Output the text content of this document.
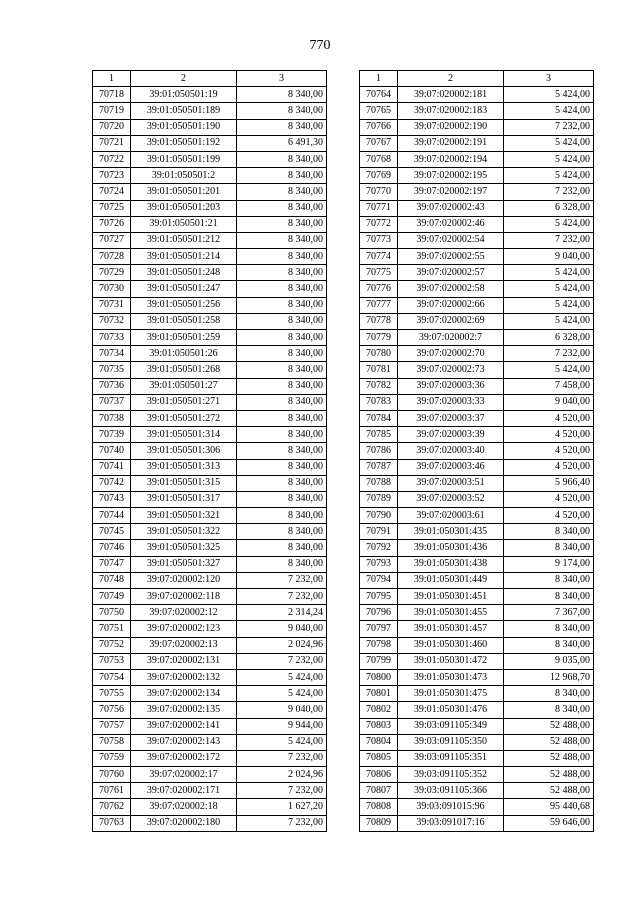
770
1	2	3
70718	39:01:050501:19	8 340,00
70719	39:01:050501:189	8 340,00
70720	39:01:050501:190	8 340,00
70721	39:01:050501:192	6 491,30
70722	39:01:050501:199	8 340,00
70723	39:01:050501:2	8 340,00
70724	39:01:050501:201	8 340,00
70725	39:01:050501:203	8 340,00
70726	39:01:050501:21	8 340,00
70727	39:01:050501:212	8 340,00
70728	39:01:050501:214	8 340,00
70729	39:01:050501:248	8 340,00
70730	39:01:050501:247	8 340,00
70731	39:01:050501:256	8 340,00
70732	39:01:050501:258	8 340,00
70733	39:01:050501:259	8 340,00
70734	39:01:050501:26	8 340,00
70735	39:01:050501:268	8 340,00
70736	39:01:050501:27	8 340,00
70737	39:01:050501:271	8 340,00
70738	39:01:050501:272	8 340,00
70739	39:01:050501:314	8 340,00
70740	39:01:050501:306	8 340,00
70741	39:01:050501:313	8 340,00
70742	39:01:050501:315	8 340,00
70743	39:01:050501:317	8 340,00
70744	39:01:050501:321	8 340,00
70745	39:01:050501:322	8 340,00
70746	39:01:050501:325	8 340,00
70747	39:01:050501:327	8 340,00
70748	39:07:020002:120	7 232,00
70749	39:07:020002:118	7 232,00
70750	39:07:020002:12	2 314,24
70751	39:07:020002:123	9 040,00
70752	39:07:020002:13	2 024,96
70753	39:07:020002:131	7 232,00
70754	39:07:020002:132	5 424,00
70755	39:07:020002:134	5 424,00
70756	39:07:020002:135	9 040,00
70757	39:07:020002:141	9 944,00
70758	39:07:020002:143	5 424,00
70759	39:07:020002:172	7 232,00
70760	39:07:020002:17	2 024,96
70761	39:07:020002:171	7 232,00
70762	39:07:020002:18	1 627,20
70763	39:07:020002:180	7 232,00
1	2	3
70764	39:07:020002:181	5 424,00
70765	39:07:020002:183	5 424,00
70766	39:07:020002:190	7 232,00
70767	39:07:020002:191	5 424,00
70768	39:07:020002:194	5 424,00
70769	39:07:020002:195	5 424,00
70770	39:07:020002:197	7 232,00
70771	39:07:020002:43	6 328,00
70772	39:07:020002:46	5 424,00
70773	39:07:020002:54	7 232,00
70774	39:07:020002:55	9 040,00
70775	39:07:020002:57	5 424,00
70776	39:07:020002:58	5 424,00
70777	39:07:020002:66	5 424,00
70778	39:07:020002:69	5 424,00
70779	39:07:020002:7	6 328,00
70780	39:07:020002:70	7 232,00
70781	39:07:020002:73	5 424,00
70782	39:07:020003:36	7 458,00
70783	39:07:020003:33	9 040,00
70784	39:07:020003:37	4 520,00
70785	39:07:020003:39	4 520,00
70786	39:07:020003:40	4 520,00
70787	39:07:020003:46	4 520,00
70788	39:07:020003:51	5 966,40
70789	39:07:020003:52	4 520,00
70790	39:07:020003:61	4 520,00
70791	39:01:050301:435	8 340,00
70792	39:01:050301:436	8 340,00
70793	39:01:050301:438	9 174,00
70794	39:01:050301:449	8 340,00
70795	39:01:050301:451	8 340,00
70796	39:01:050301:455	7 367,00
70797	39:01:050301:457	8 340,00
70798	39:01:050301:460	8 340,00
70799	39:01:050301:472	9 035,00
70800	39:01:050301:473	12 968,70
70801	39:01:050301:475	8 340,00
70802	39:01:050301:476	8 340,00
70803	39:03:091105:349	52 488,00
70804	39:03:091105:350	52 488,00
70805	39:03:091105:351	52 488,00
70806	39:03:091105:352	52 488,00
70807	39:03:091105:366	52 488,00
70808	39:03:091015:96	95 440,68
70809	39:03:091017:16	59 646,00
